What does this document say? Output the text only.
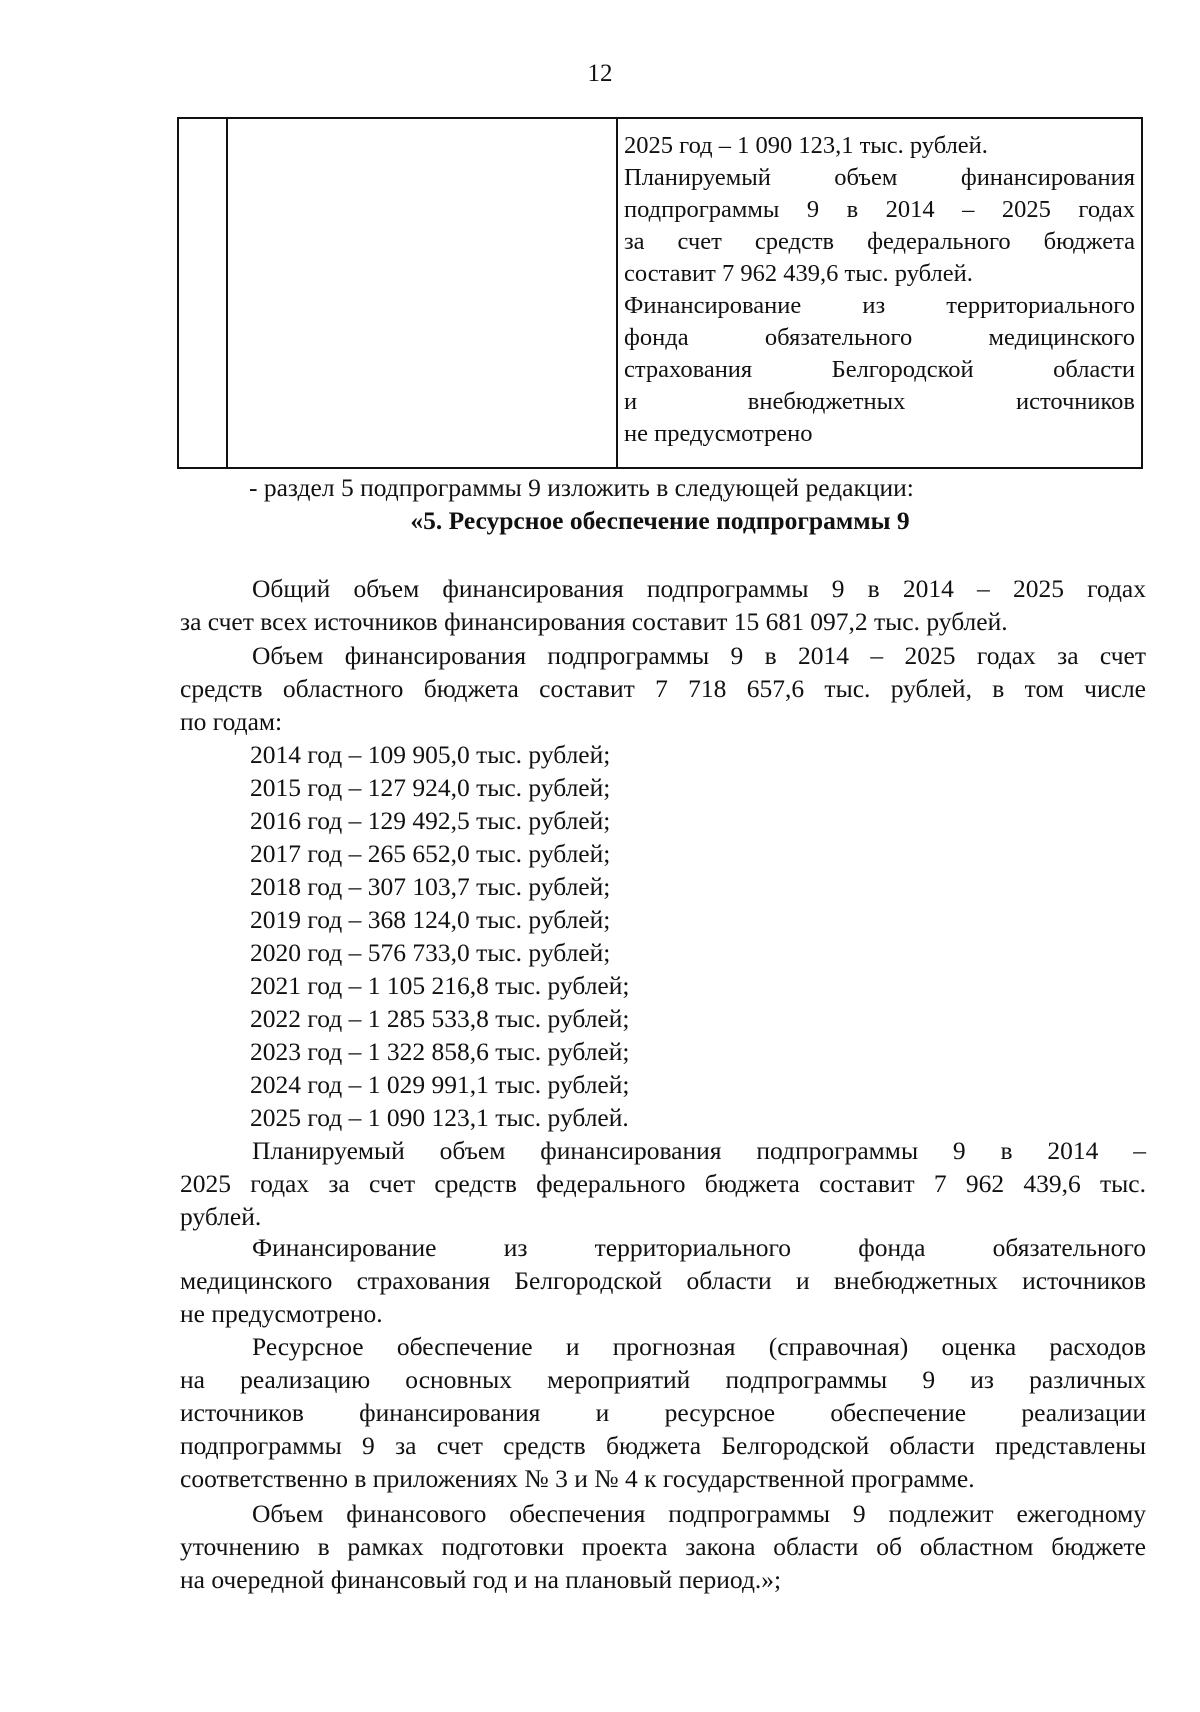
12
2025 год – 1 090 123,1 тыс. рублей.
Планируемый объем финансирования
подпрограммы 9 в 2014 – 2025 годах
за счет средств федерального бюджета
составит 7 962 439,6 тыс. рублей.
Финансирование из территориального
фонда обязательного медицинского
страхования Белгородской области
и внебюджетных источников
не предусмотрено
- раздел 5 подпрограммы 9 изложить в следующей редакции:
«5. Ресурсное обеспечение подпрограммы 9
Общий объем финансирования подпрограммы 9 в 2014 – 2025 годах
за счет всех источников финансирования составит 15 681 097,2 тыс. рублей.
Объем финансирования подпрограммы 9 в 2014 – 2025 годах за счет
средств областного бюджета составит 7 718 657,6 тыс. рублей, в том числе
по годам:
2014 год – 109 905,0 тыс. рублей;
2015 год – 127 924,0 тыс. рублей;
2016 год – 129 492,5 тыс. рублей;
2017 год – 265 652,0 тыс. рублей;
2018 год – 307 103,7 тыс. рублей;
2019 год – 368 124,0 тыс. рублей;
2020 год – 576 733,0 тыс. рублей;
2021 год – 1 105 216,8 тыс. рублей;
2022 год – 1 285 533,8 тыс. рублей;
2023 год – 1 322 858,6 тыс. рублей;
2024 год – 1 029 991,1 тыс. рублей;
2025 год – 1 090 123,1 тыс. рублей.
Планируемый объем финансирования подпрограммы 9 в 2014 –
2025 годах за счет средств федерального бюджета составит 7 962 439,6 тыс.
рублей.
Финансирование из территориального фонда обязательного
медицинского страхования Белгородской области и внебюджетных источников
не предусмотрено.
Ресурсное обеспечение и прогнозная (справочная) оценка расходов
на реализацию основных мероприятий подпрограммы 9 из различных
источников финансирования и ресурсное обеспечение реализации
подпрограммы 9 за счет средств бюджета Белгородской области представлены
соответственно в приложениях № 3 и № 4 к государственной программе.
Объем финансового обеспечения подпрограммы 9 подлежит ежегодному
уточнению в рамках подготовки проекта закона области об областном бюджете
на очередной финансовый год и на плановый период.»;
